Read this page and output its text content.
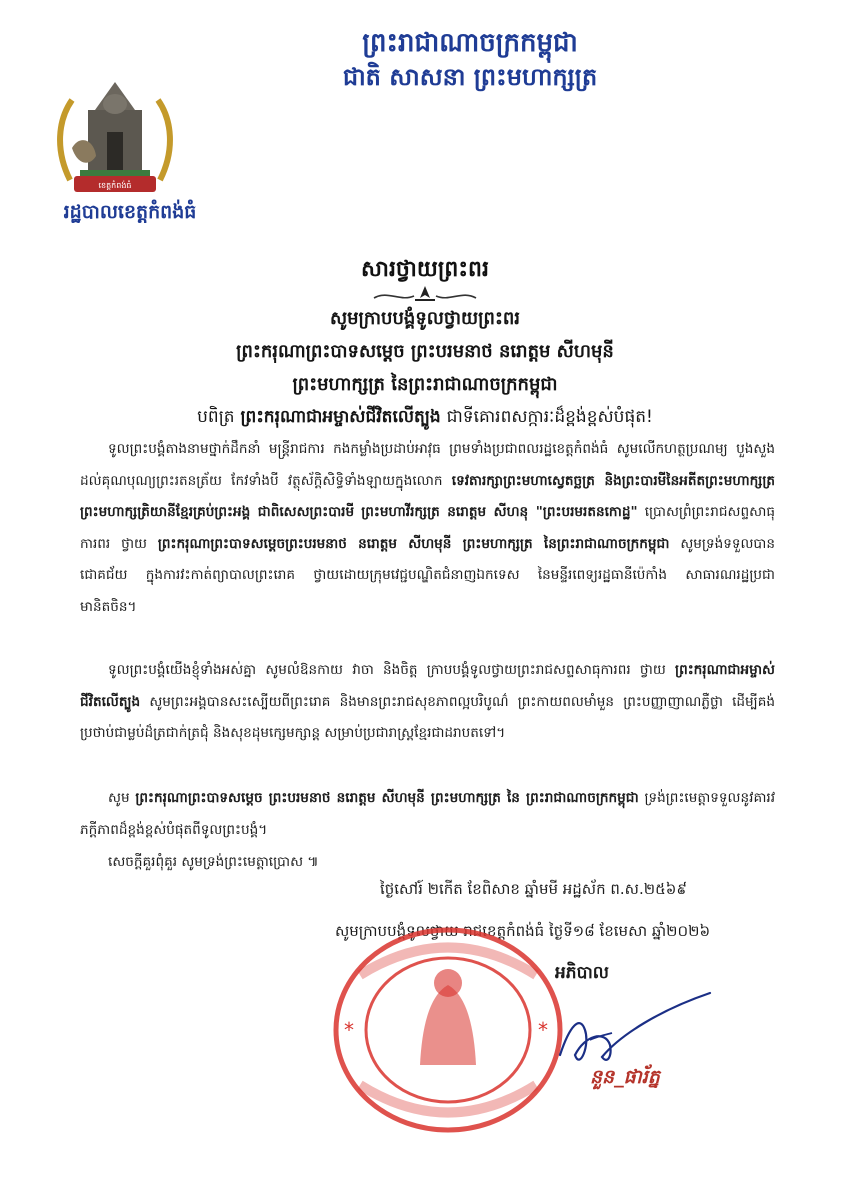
ព្រះរាជាណាចក្រកម្ពុជា
ជាតិ សាសនា ព្រះមហាក្សត្រ
ខេត្តកំពង់ធំ
រដ្ឋបាលខេត្តកំពង់ធំ
សារថ្វាយព្រះពរ
សូមក្រាបបង្គំទូលថ្វាយព្រះពរ
ព្រះករុណាព្រះបាទសម្តេច ព្រះបរមនាថ នរោត្តម សីហមុនី
ព្រះមហាក្សត្រ នៃព្រះរាជាណាចក្រកម្ពុជា
បពិត្រ ព្រះករុណាជាអម្ចាស់ជីវិតលើត្បូង ជាទីគោរពសក្ការៈដ៏ខ្ពង់ខ្ពស់បំផុត!
ទូលព្រះបង្គំតាងនាមថ្នាក់ដឹកនាំ មន្ត្រីរាជការ កងកម្លាំងប្រដាប់អាវុធ ព្រមទាំងប្រជាពលរដ្ឋខេត្តកំពង់ធំ សូមលើកហត្ថប្រណម្យ បួងសួងដល់គុណបុណ្យព្រះរតនត្រ័យ កែវទាំងបី វត្ថុស័ក្តិសិទ្ធិទាំងឡាយក្នុងលោក ទេវតារក្សាព្រះមហាស្វេតច្ឆត្រ និងព្រះបារមីនៃអតីតព្រះមហាក្សត្រ ព្រះមហាក្សត្រិយានីខ្មែរគ្រប់ព្រះអង្គ ជាពិសេសព្រះបារមី ព្រះមហាវីរក្សត្រ នរោត្តម សីហនុ "ព្រះបរមរតនកោដ្ឋ" ប្រោសព្រំព្រះរាជសព្ទសាធុការពរ ថ្វាយ ព្រះករុណាព្រះបាទសម្តេចព្រះបរមនាថ នរោត្តម សីហមុនី ព្រះមហាក្សត្រ នៃព្រះរាជាណាចក្រកម្ពុជា សូមទ្រង់ទទួលបានជោគជ័យ ក្នុងការវះកាត់ព្យាបាលព្រះរោគ ថ្វាយដោយក្រុមវេជ្ជបណ្ឌិតជំនាញឯកទេស នៃមន្ទីរពេទ្យរដ្ឋធានីប៉េកាំង សាធារណរដ្ឋប្រជាមានិតចិន។
ទូលព្រះបង្គំយើងខ្ញុំទាំងអស់គ្នា សូមលំឱនកាយ វាចា និងចិត្ត ក្រាបបង្គំទូលថ្វាយព្រះរាជសព្ទសាធុការពរ ថ្វាយ ព្រះករុណាជាអម្ចាស់ជីវិតលើត្បូង សូមព្រះអង្គបានសះស្បើយពីព្រះរោគ និងមានព្រះរាជសុខភាពល្អបរិបូណ៌ ព្រះកាយពលមាំមួន ព្រះបញ្ញាញាណភ្លឺថ្លា ដើម្បីគង់ប្រថាប់ជាម្លប់ដ៏ត្រជាក់ត្រជុំ និងសុខដុមក្សេមក្សាន្ត សម្រាប់ប្រជារាស្ត្រខ្មែរជាដរាបតទៅ។
សូម ព្រះករុណាព្រះបាទសម្តេច ព្រះបរមនាថ នរោត្តម សីហមុនី ព្រះមហាក្សត្រ នៃ ព្រះរាជាណាចក្រកម្ពុជា ទ្រង់ព្រះមេត្តាទទួលនូវគារវភក្តីភាពដ៏ខ្ពង់ខ្ពស់បំផុតពីទូលព្រះបង្គំ។
សេចក្តីគួរពុំគួរ សូមទ្រង់ព្រះមេត្តាប្រោស ៕
ថ្ងៃសៅរ៍ ២កើត ខែពិសាខ ឆ្នាំមមី អដ្ឋស័ក ព.ស.២៥៦៩
សូមក្រាបបង្គំទូលថ្វាយ រាជខេត្តកំពង់ធំ ថ្ងៃទី១៨ ខែមេសា ឆ្នាំ២០២៦
*	*
អភិបាល
នួន_ផារ័ត្ន
